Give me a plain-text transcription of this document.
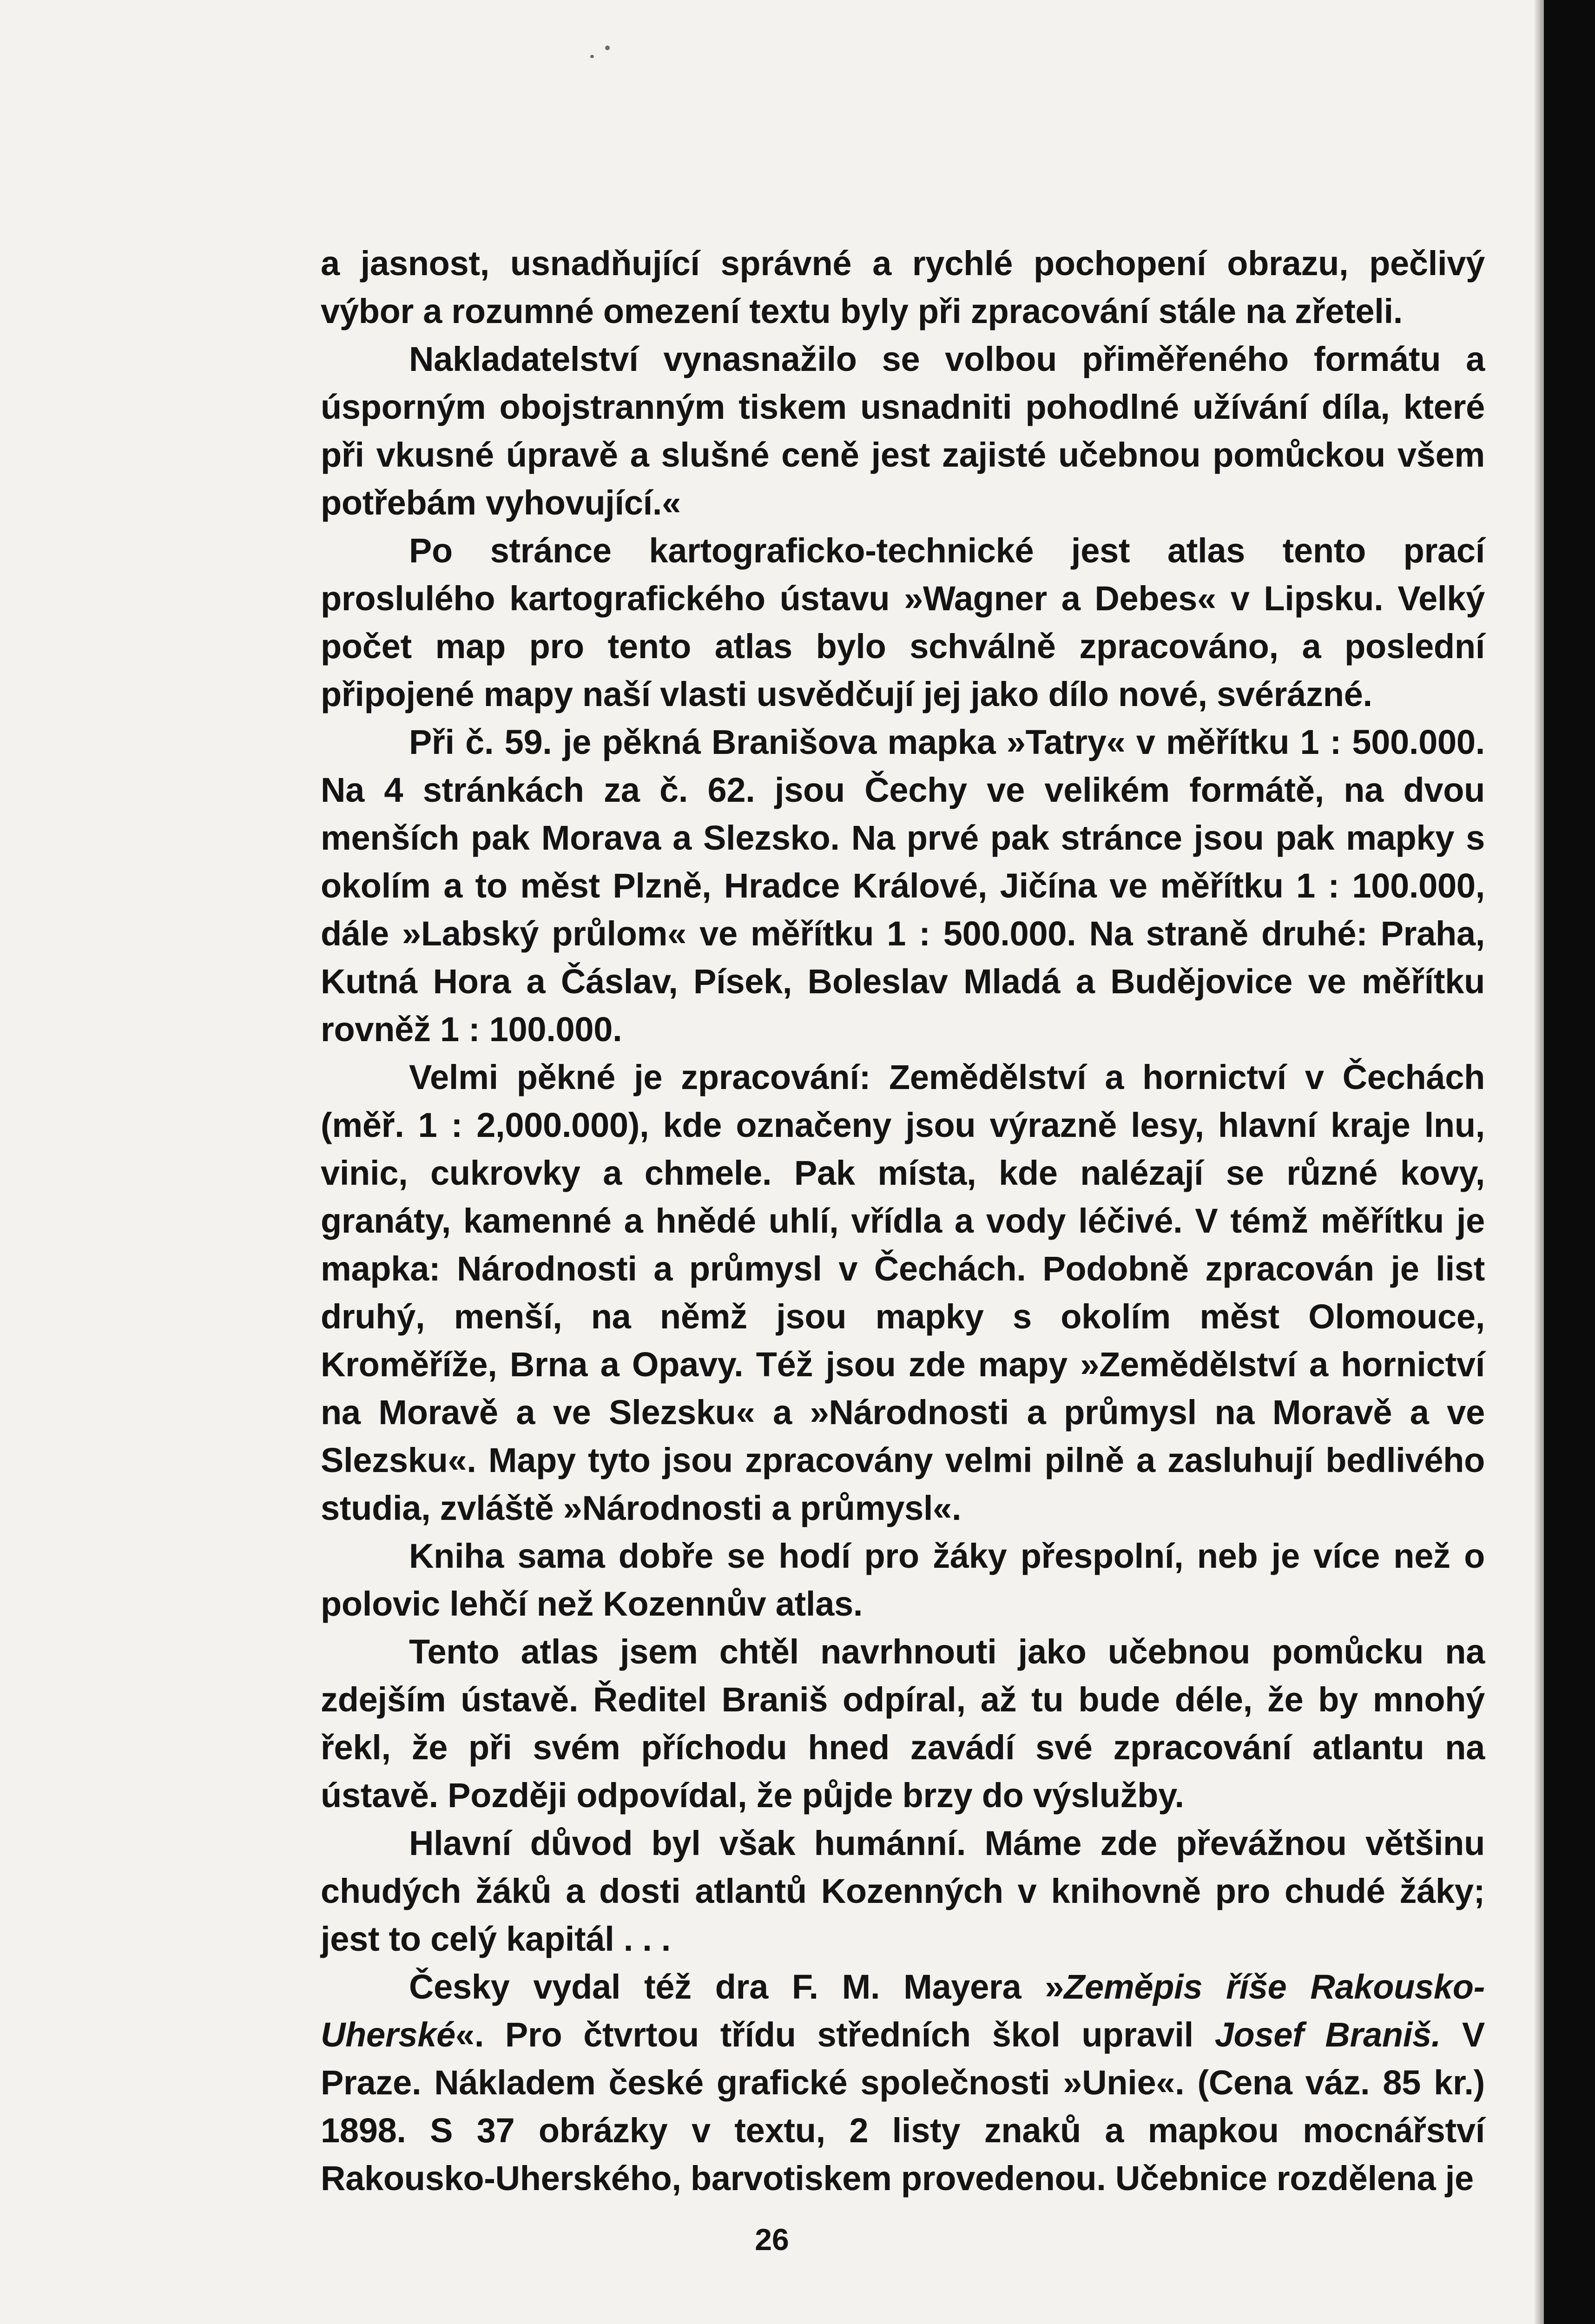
a jasnost, usnadňující správné a rychlé pochopení obrazu, pečlivý výbor a rozumné omezení textu byly při zpracování stále na zřeteli.

Nakladatelství vynasnažilo se volbou přiměřeného formátu a úsporným obojstranným tiskem usnadniti pohodlné užívání díla, které při vkusné úpravě a slušné ceně jest zajisté učebnou pomůckou všem potřebám vyhovující.«

Po stránce kartograficko-technické jest atlas tento prací proslulého kartografického ústavu »Wagner a Debes« v Lipsku. Velký počet map pro tento atlas bylo schválně zpracováno, a poslední připojené mapy naší vlasti usvědčují jej jako dílo nové, svérázné.

Při č. 59. je pěkná Branišova mapka »Tatry« v měřítku 1 : 500.000. Na 4 stránkách za č. 62. jsou Čechy ve velikém formátě, na dvou menších pak Morava a Slezsko. Na prvé pak stránce jsou pak mapky s okolím a to měst Plzně, Hradce Králové, Jičína ve měřítku 1 : 100.000, dále »Labský průlom« ve měřítku 1 : 500.000. Na straně druhé: Praha, Kutná Hora a Čáslav, Písek, Boleslav Mladá a Budějovice ve měřítku rovněž 1 : 100.000.

Velmi pěkné je zpracování: Zemědělství a hornictví v Čechách (měř. 1 : 2,000.000), kde označeny jsou výrazně lesy, hlavní kraje lnu, vinic, cukrovky a chmele. Pak místa, kde nalézají se různé kovy, granáty, kamenné a hnědé uhlí, vřídla a vody léčivé. V témž měřítku je mapka: Národnosti a průmysl v Čechách. Podobně zpracován je list druhý, menší, na němž jsou mapky s okolím měst Olomouce, Kroměříže, Brna a Opavy. Též jsou zde mapy »Zemědělství a hornictví na Moravě a ve Slezsku« a »Národnosti a průmysl na Moravě a ve Slezsku«. Mapy tyto jsou zpracovány velmi pilně a zasluhují bedlivého studia, zvláště »Národnosti a průmysl«.

Kniha sama dobře se hodí pro žáky přespolní, neb je více než o polovic lehčí než Kozennův atlas.

Tento atlas jsem chtěl navrhnouti jako učebnou pomůcku na zdejším ústavě. Ředitel Braniš odpíral, až tu bude déle, že by mnohý řekl, že při svém příchodu hned zavádí své zpracování atlantu na ústavě. Později odpovídal, že půjde brzy do výslužby.

Hlavní důvod byl však humánní. Máme zde převážnou většinu chudých žáků a dosti atlantů Kozenných v knihovně pro chudé žáky; jest to celý kapitál . . .

Česky vydal též dra F. M. Mayera »Zeměpis říše Rakousko-Uherské«. Pro čtvrtou třídu středních škol upravil Josef Braniš. V Praze. Nákladem české grafické společnosti »Unie«. (Cena váz. 85 kr.) 1898. S 37 obrázky v textu, 2 listy znaků a mapkou mocnářství Rakousko-Uherského, barvotiskem provedenou. Učebnice rozdělena je

26
